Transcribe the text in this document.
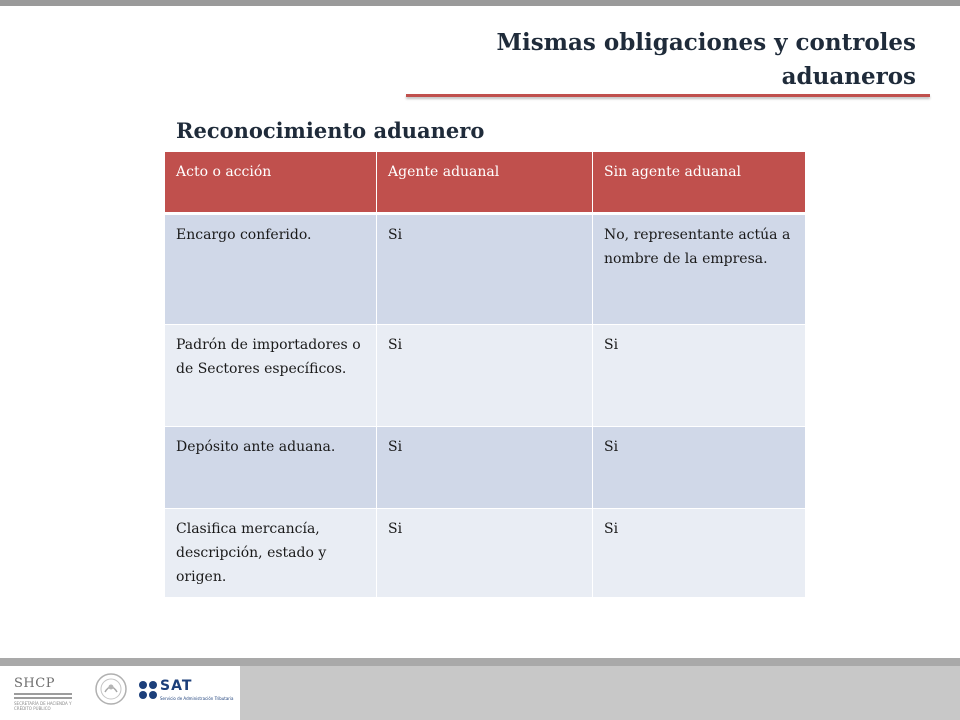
Mismas obligaciones y controles aduaneros
Reconocimiento aduanero
Acto o acción	Agente aduanal	Sin agente aduanal
Encargo conferido.	Si	No, representante actúa a nombre de la empresa.
Padrón de importadores o de Sectores específicos.	Si	Si
Depósito ante aduana.	Si	Si
Clasifica mercancía, descripción, estado y origen.	Si	Si
SHCP
SECRETARÍA DE HACIENDA Y CRÉDITO PÚBLICO
SAT
Servicio de Administración Tributaria
